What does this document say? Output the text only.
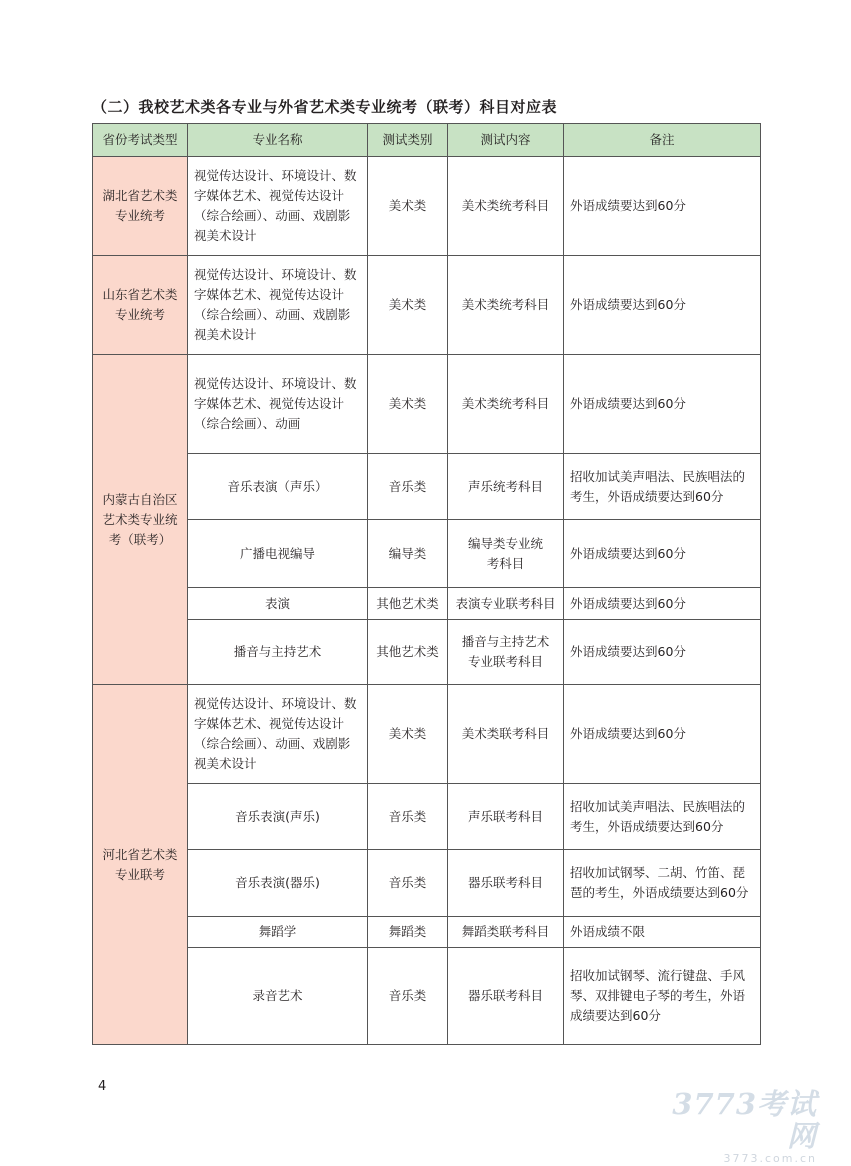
（二）我校艺术类各专业与外省艺术类专业统考（联考）科目对应表
省份考试类型	专业名称	测试类别	测试内容	备注
湖北省艺术类专业统考	视觉传达设计、环境设计、数字媒体艺术、视觉传达设计（综合绘画）、动画、戏剧影视美术设计	美术类	美术类统考科目	外语成绩要达到60分
山东省艺术类专业统考	视觉传达设计、环境设计、数字媒体艺术、视觉传达设计（综合绘画）、动画、戏剧影视美术设计	美术类	美术类统考科目	外语成绩要达到60分
内蒙古自治区艺术类专业统考（联考）	视觉传达设计、环境设计、数字媒体艺术、视觉传达设计（综合绘画）、动画	美术类	美术类统考科目	外语成绩要达到60分
	音乐表演（声乐）	音乐类	声乐统考科目	招收加试美声唱法、民族唱法的考生，外语成绩要达到60分
	广播电视编导	编导类	编导类专业统考科目	外语成绩要达到60分
	表演	其他艺术类	表演专业联考科目	外语成绩要达到60分
	播音与主持艺术	其他艺术类	播音与主持艺术专业联考科目	外语成绩要达到60分
河北省艺术类专业联考	视觉传达设计、环境设计、数字媒体艺术、视觉传达设计（综合绘画）、动画、戏剧影视美术设计	美术类	美术类联考科目	外语成绩要达到60分
	音乐表演(声乐)	音乐类	声乐联考科目	招收加试美声唱法、民族唱法的考生，外语成绩要达到60分
	音乐表演(器乐)	音乐类	器乐联考科目	招收加试钢琴、二胡、竹笛、琵琶的考生，外语成绩要达到60分
	舞蹈学	舞蹈类	舞蹈类联考科目	外语成绩不限
	录音艺术	音乐类	器乐联考科目	招收加试钢琴、流行键盘、手风琴、双排键电子琴的考生，外语成绩要达到60分
4
3773考试网
3773.com.cn
